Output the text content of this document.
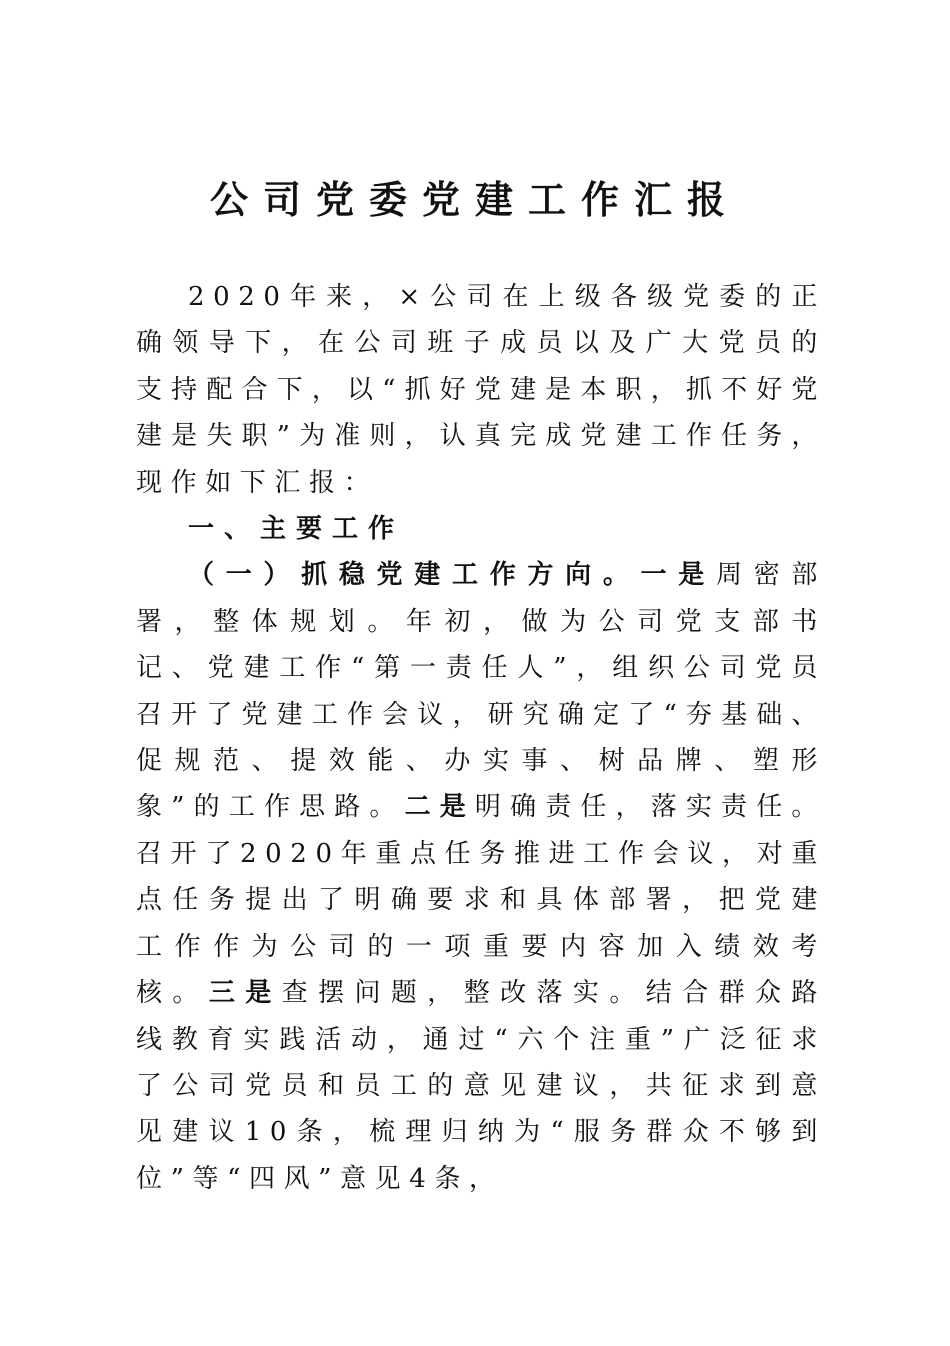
公司党委党建工作汇报

2020年来，×公司在上级各级党委的正确领导下，在公司班子成员以及广大党员的支持配合下，以“抓好党建是本职，抓不好党建是失职”为准则，认真完成党建工作任务，现作如下汇报：

一、主要工作

（一）抓稳党建工作方向。一是周密部署，整体规划。年初，做为公司党支部书记、党建工作“第一责任人”，组织公司党员召开了党建工作会议，研究确定了“夯基础、促规范、提效能、办实事、树品牌、塑形象”的工作思路。二是明确责任，落实责任。召开了2020年重点任务推进工作会议，对重点任务提出了明确要求和具体部署，把党建工作作为公司的一项重要内容加入绩效考核。三是查摆问题，整改落实。结合群众路线教育实践活动，通过“六个注重”广泛征求了公司党员和员工的意见建议，共征求到意见建议10条，梳理归纳为“服务群众不够到位”等“四风”意见4条，
